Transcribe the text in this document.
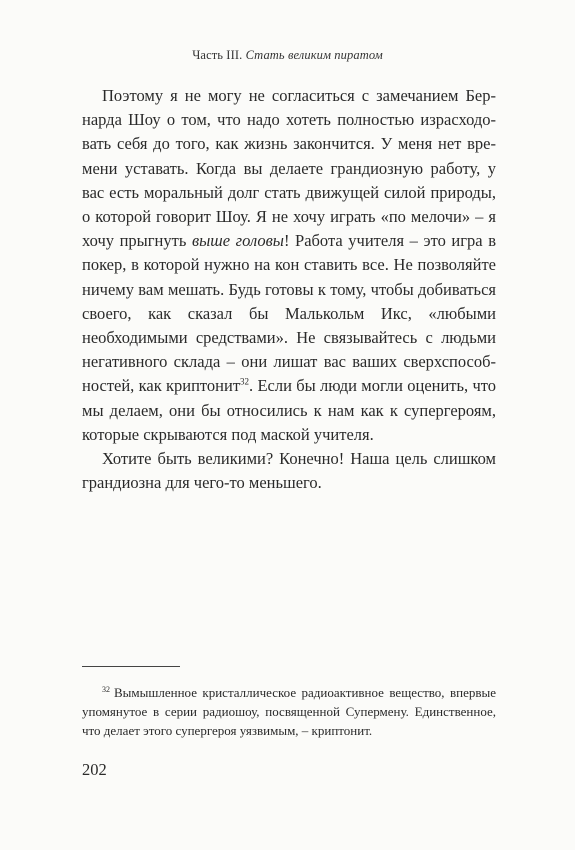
Часть III. Стать великим пиратом

Поэтому я не могу не согласиться с замечанием Бернарда Шоу о том, что надо хотеть полностью израсходовать себя до того, как жизнь закончится. У меня нет времени уставать. Когда вы делаете грандиозную работу, у вас есть моральный долг стать движущей силой природы, о которой говорит Шоу. Я не хочу играть «по мелочи» – я хочу прыгнуть выше головы! Работа учителя – это игра в покер, в которой нужно на кон ставить все. Не позволяйте ничему вам мешать. Будь готовы к тому, чтобы добиваться своего, как сказал бы Малькольм Икс, «любыми необходимыми средствами». Не связывайтесь с людьми негативного склада – они лишат вас ваших сверхспособностей, как криптонит$^{32}$. Если бы люди могли оценить, что мы делаем, они бы относились к нам как к супергероям, которые скрываются под маской учителя.

Хотите быть великими? Конечно! Наша цель слишком грандиозна для чего-то меньшего.

$^{32}$ Вымышленное кристаллическое радиоактивное вещество, впервые упомянутое в серии радиошоу, посвященной Супермену. Единственное, что делает этого супергероя уязвимым, – криптонит.

202
